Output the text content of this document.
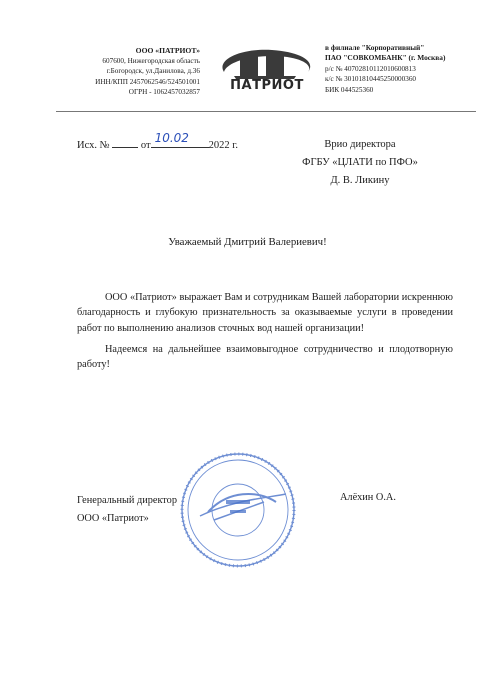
ООО «ПАТРИОТ»
607600, Нижегородская область
г.Богородск, ул.Данилова, д.36
ИНН/КПП 2457062546/524501001
ОГРН - 1062457032857	ПАТРИОТ
в филиале "Корпоративный"
ПАО "СОВКОМБАНК" (г. Москва)
р/с № 40702810112010600813
к/с № 30101810445250000360
БИК 044525360
Исх. №	от
10.02
2022 г.	Врио директора
ФГБУ «ЦЛАТИ по ПФО»
Д. В. Ликину
Уважаемый Дмитрий Валериевич!

ООО «Патриот» выражает Вам и сотрудникам Вашей лаборатории искреннюю благодарность и глубокую признательность за оказываемые услуги в проведении работ по выполнению анализов сточных вод нашей организации!

Надеемся на дальнейшее взаимовыгодное сотрудничество и плодотворную работу!

Генеральный директор
ООО «Патриот»
Алёхин О.А.
